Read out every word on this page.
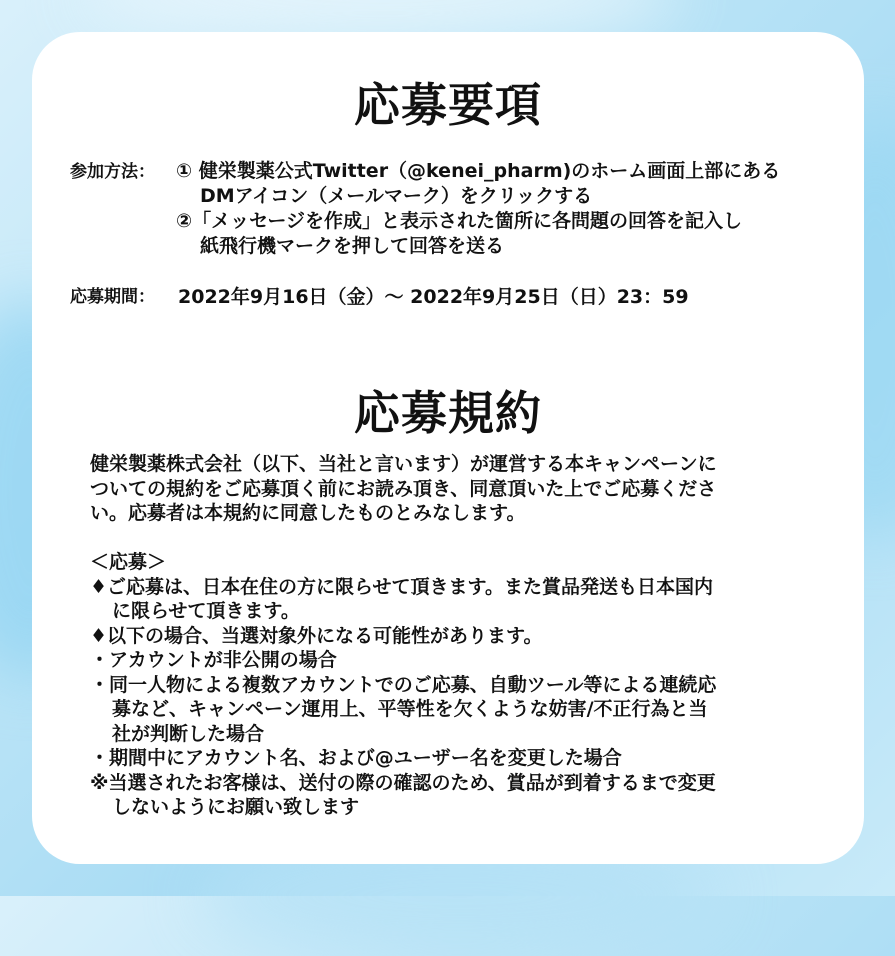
応募要項
参加方法： ① 健栄製薬公式Twitter（@kenei_pharm)のホーム画面上部にある
DMアイコン（メールマーク）をクリックする
②「メッセージを作成」と表示された箇所に各問題の回答を記入し
紙飛行機マークを押して回答を送る
応募期間： 2022年9月16日（金）～ 2022年9月25日（日）23：59
応募規約

健栄製薬株式会社（以下、当社と言います）が運営する本キャンペーンに

ついての規約をご応募頂く前にお読み頂き、同意頂いた上でご応募くださ

い。応募者は本規約に同意したものとみなします。

＜応募＞

♦ご応募は、日本在住の方に限らせて頂きます。また賞品発送も日本国内

に限らせて頂きます。

♦以下の場合、当選対象外になる可能性があります。

・アカウントが非公開の場合

・同一人物による複数アカウントでのご応募、自動ツール等による連続応

募など、キャンペーン運用上、平等性を欠くような妨害/不正行為と当

社が判断した場合

・期間中にアカウント名、および@ユーザー名を変更した場合

※当選されたお客様は、送付の際の確認のため、賞品が到着するまで変更

しないようにお願い致します
